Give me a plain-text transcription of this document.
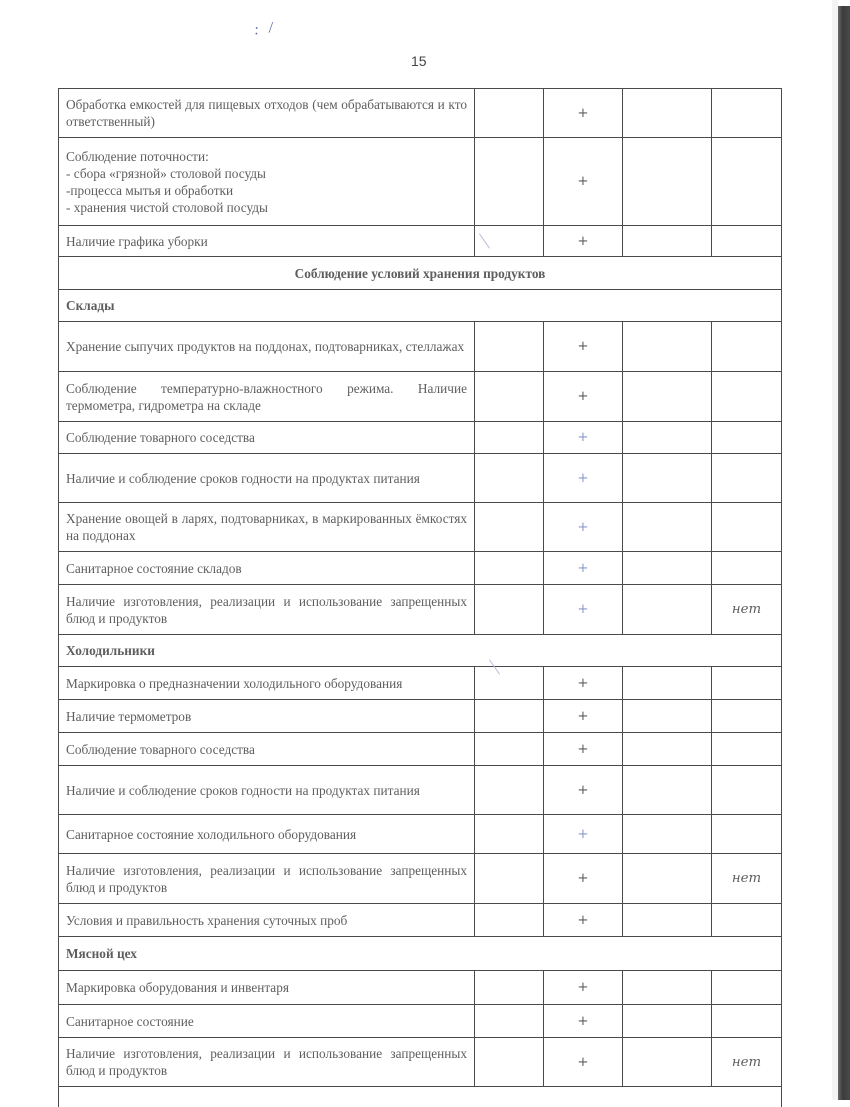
: /
15
Обработка емкостей для пищевых отходов (чем обрабатываются и кто ответственный)		+		
Соблюдение поточности:
- сбора «грязной» столовой посуды
-процесса мытья и обработки
- хранения чистой столовой посуды		+		
Наличие графика уборки		+		
Соблюдение условий хранения продуктов				
Склады				
Хранение сыпучих продуктов на поддонах, подтоварниках, стеллажах		+		
Соблюдение температурно-влажностного режима. Наличие термометра, гидрометра на складе		+		
Соблюдение товарного соседства		+		
Наличие и соблюдение сроков годности на продуктах питания		+		
Хранение овощей в ларях, подтоварниках, в маркированных ёмкостях на поддонах		+		
Санитарное состояние складов		+		
Наличие изготовления, реализации и использование запрещенных блюд и продуктов		+		нет
Холодильники				
Маркировка о предназначении холодильного оборудования		+		
Наличие термометров		+		
Соблюдение товарного соседства		+		
Наличие и соблюдение сроков годности на продуктах питания		+		
Санитарное состояние холодильного оборудования		+		
Наличие изготовления, реализации и использование запрещенных блюд и продуктов		+		нет
Условия и правильность хранения суточных проб		+		
Мясной цех				
Маркировка оборудования и инвентаря		+		
Санитарное состояние		+		
Наличие изготовления, реализации и использование запрещенных блюд и продуктов		+		нет
